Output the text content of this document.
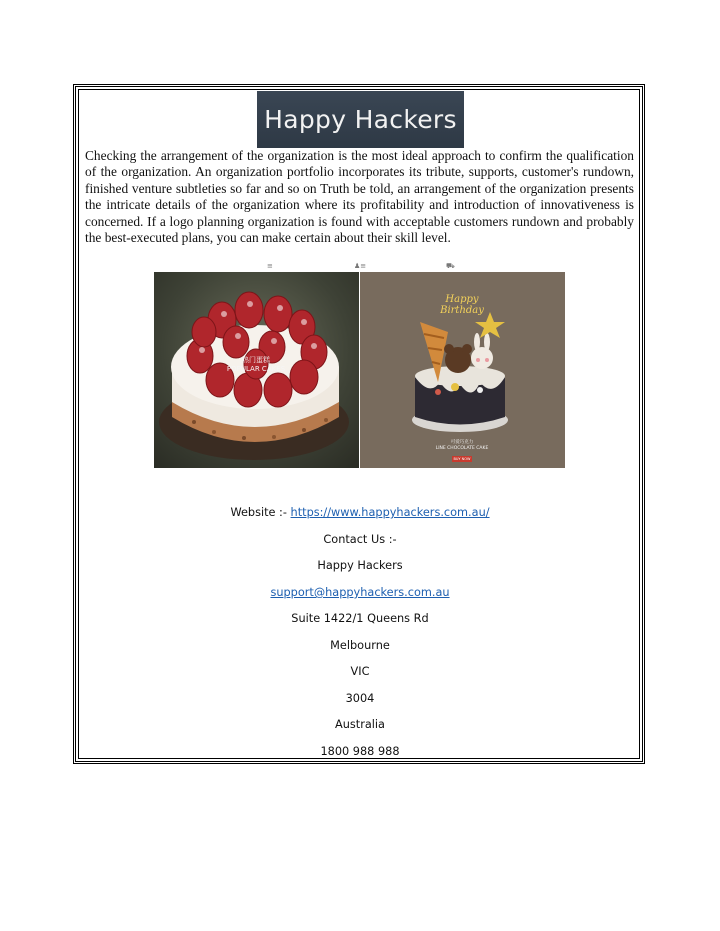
Happy Hackers
Checking the arrangement of the organization is the most ideal approach to confirm the qualification of the organization. An organization portfolio incorporates its tribute, supports, customer's rundown, finished venture subtleties so far and so on Truth be told, an arrangement of the organization presents the intricate details of the organization where its profitability and introduction of innovativeness is concerned. If a logo planning organization is found with acceptable customers rundown and probably the best-executed plans, you can make certain about their skill level.
≡	♟≡	⛟
热门蛋糕
POPULAR CAKES
Happy Birthday
可爱巧克力
LINE CHOCOLATE CAKE
BUY NOW
Website :- https://www.happyhackers.com.au/
Contact Us :-
Happy Hackers
support@happyhackers.com.au
Suite 1422/1 Queens Rd
Melbourne
VIC
3004
Australia
1800 988 988
